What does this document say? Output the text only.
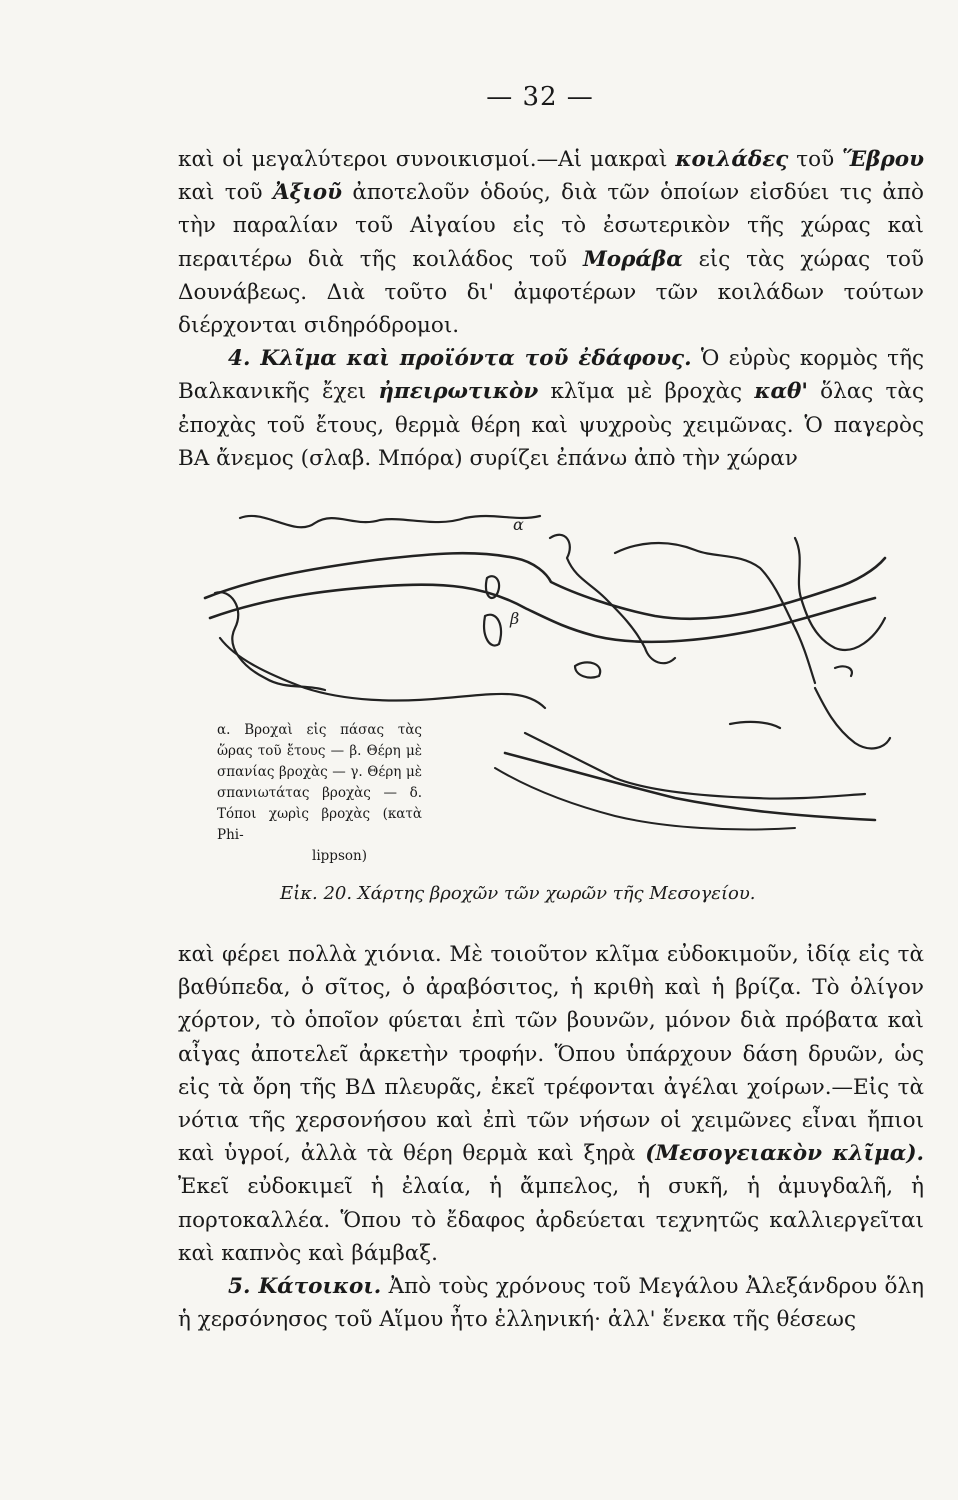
— 32 —

καὶ οἱ μεγαλύτεροι συνοικισμοί.—Αἱ μακραὶ κοιλάδες τοῦ Ἕβρου καὶ τοῦ Ἀξιοῦ ἀποτελοῦν ὁδούς, διὰ τῶν ὁποίων εἰσδύει τις ἀπὸ τὴν παραλίαν τοῦ Αἰγαίου εἰς τὸ ἐσωτερικὸν τῆς χώρας καὶ περαιτέρω διὰ τῆς κοιλάδος τοῦ Μοράβα εἰς τὰς χώρας τοῦ Δουνάβεως. Διὰ τοῦτο δι' ἀμφοτέρων τῶν κοιλάδων τούτων διέρχονται σιδηρόδρομοι.

4. Κλῖμα καὶ προϊόντα τοῦ ἐδάφους. Ὁ εὐρὺς κορμὸς τῆς Βαλκανικῆς ἔχει ἠπειρωτικὸν κλῖμα μὲ βροχὰς καθ' ὅλας τὰς ἐποχὰς τοῦ ἔτους, θερμὰ θέρη καὶ ψυχροὺς χειμῶνας. Ὁ παγερὸς ΒΑ ἄνεμος (σλαβ. Μπόρα) συρίζει ἐπάνω ἀπὸ τὴν χώραν

α
β
α. Βροχαὶ εἰς πάσας τὰς ὥρας τοῦ ἔτους — β. Θέρη μὲ σπανίας βροχὰς — γ. Θέρη μὲ σπανιωτάτας βροχὰς — δ. Τόποι χωρὶς βροχὰς (κατὰ Phi-
lippson)
Εἰκ. 20. Χάρτης βροχῶν τῶν χωρῶν τῆς Μεσογείου.

καὶ φέρει πολλὰ χιόνια. Μὲ τοιοῦτον κλῖμα εὐδοκιμοῦν, ἰδίᾳ εἰς τὰ βαθύπεδα, ὁ σῖτος, ὁ ἀραβόσιτος, ἡ κριθὴ καὶ ἡ βρίζα. Τὸ ὀλίγον χόρτον, τὸ ὁποῖον φύεται ἐπὶ τῶν βουνῶν, μόνον διὰ πρόβατα καὶ αἶγας ἀποτελεῖ ἀρκετὴν τροφήν. Ὅπου ὑπάρχουν δάση δρυῶν, ὡς εἰς τὰ ὄρη τῆς ΒΔ πλευρᾶς, ἐκεῖ τρέφονται ἀγέλαι χοίρων.—Εἰς τὰ νότια τῆς χερσονήσου καὶ ἐπὶ τῶν νήσων οἱ χειμῶνες εἶναι ἤπιοι καὶ ὑγροί, ἀλλὰ τὰ θέρη θερμὰ καὶ ξηρὰ (Μεσογειακὸν κλῖμα). Ἐκεῖ εὐδοκιμεῖ ἡ ἐλαία, ἡ ἄμπελος, ἡ συκῆ, ἡ ἀμυγδαλῆ, ἡ πορτοκαλλέα. Ὅπου τὸ ἔδαφος ἀρδεύεται τεχνητῶς καλλιεργεῖται καὶ καπνὸς καὶ βάμβαξ.

5. Κάτοικοι. Ἀπὸ τοὺς χρόνους τοῦ Μεγάλου Ἀλεξάνδρου ὅλη ἡ χερσόνησος τοῦ Αἵμου ἦτο ἑλληνική· ἀλλ' ἕνεκα τῆς θέσεως
